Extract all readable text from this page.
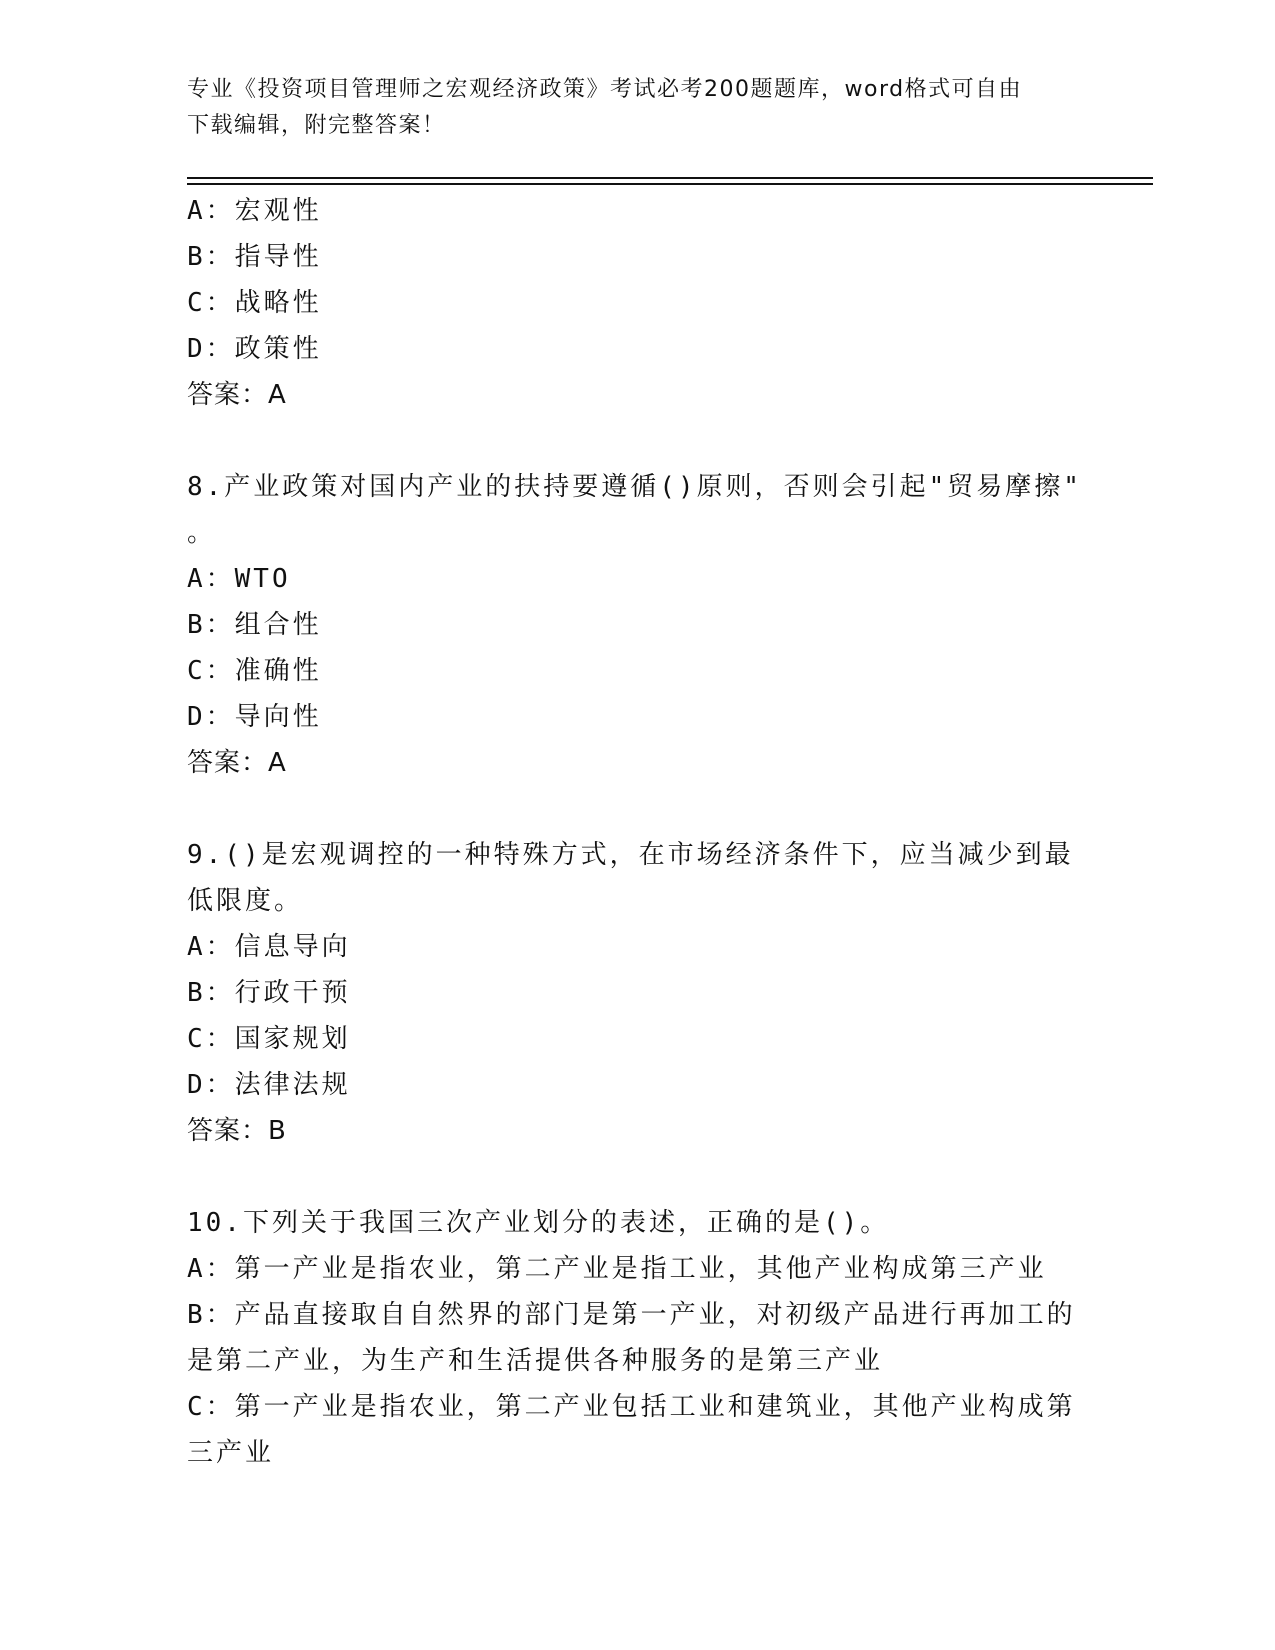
专业《投资项目管理师之宏观经济政策》考试必考200题题库，word格式可自由
下载编辑，附完整答案！
A：宏观性
B：指导性
C：战略性
D：政策性
答案：A
8.产业政策对国内产业的扶持要遵循()原则，否则会引起"贸易摩擦"
。
A：WTO
B：组合性
C：准确性
D：导向性
答案：A
9.()是宏观调控的一种特殊方式，在市场经济条件下，应当减少到最
低限度。
A：信息导向
B：行政干预
C：国家规划
D：法律法规
答案：B
10.下列关于我国三次产业划分的表述，正确的是()。
A：第一产业是指农业，第二产业是指工业，其他产业构成第三产业
B：产品直接取自自然界的部门是第一产业，对初级产品进行再加工的
是第二产业，为生产和生活提供各种服务的是第三产业
C：第一产业是指农业，第二产业包括工业和建筑业，其他产业构成第
三产业
